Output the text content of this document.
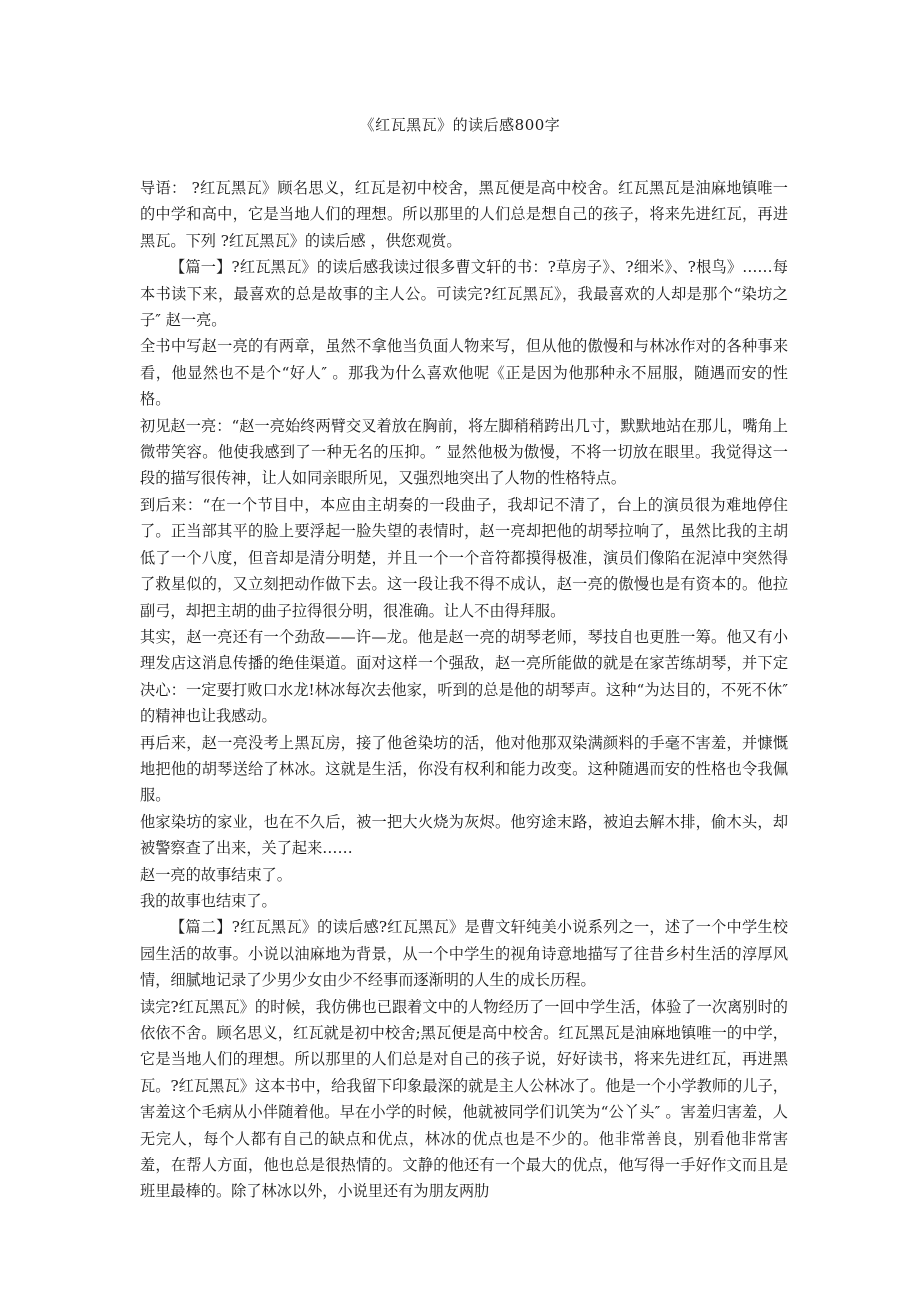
《红瓦黑瓦》的读后感800字

导语： ?红瓦黑瓦》顾名思义，红瓦是初中校舍，黑瓦便是高中校舍。红瓦黑瓦是油麻地镇唯一的中学和高中，它是当地人们的理想。所以那里的人们总是想自己的孩子，将来先进红瓦，再进黑瓦。下列 ?红瓦黑瓦》的读后感 ，供您观赏。

【篇一】?红瓦黑瓦》的读后感我读过很多曹文轩的书：?草房子》、?细米》、?根鸟》……每本书读下来，最喜欢的总是故事的主人公。可读完?红瓦黑瓦》，我最喜欢的人却是那个“染坊之子″ 赵一亮。

全书中写赵一亮的有两章，虽然不拿他当负面人物来写，但从他的傲慢和与林冰作对的各种事来看，他显然也不是个“好人″ 。那我为什么喜欢他呢《正是因为他那种永不屈服，随遇而安的性格。

初见赵一亮：“赵一亮始终两臂交叉着放在胸前，将左脚稍稍跨出几寸，默默地站在那儿，嘴角上微带笑容。他使我感到了一种无名的压抑。″ 显然他极为傲慢，不将一切放在眼里。我觉得这一段的描写很传神，让人如同亲眼所见，又强烈地突出了人物的性格特点。

到后来：“在一个节目中，本应由主胡奏的一段曲子，我却记不清了，台上的演员很为难地停住了。正当部其平的脸上要浮起一脸失望的表情时，赵一亮却把他的胡琴拉响了，虽然比我的主胡低了一个八度，但音却是清分明楚，并且一个一个音符都摸得极准，演员们像陷在泥淖中突然得了救星似的，又立刻把动作做下去。这一段让我不得不成认，赵一亮的傲慢也是有资本的。他拉副弓，却把主胡的曲子拉得很分明，很准确。让人不由得拜服。

其实，赵一亮还有一个劲敌——许—龙。他是赵一亮的胡琴老师，琴技自也更胜一筹。他又有小理发店这消息传播的绝佳渠道。面对这样一个强敌，赵一亮所能做的就是在家苦练胡琴，并下定决心：一定要打败口水龙!林冰每次去他家，听到的总是他的胡琴声。这种“为达目的，不死不休″ 的精神也让我感动。

再后来，赵一亮没考上黑瓦房，接了他爸染坊的活，他对他那双染满颜料的手毫不害羞，并慷慨地把他的胡琴送给了林冰。这就是生活，你没有权利和能力改变。这种随遇而安的性格也令我佩服。

他家染坊的家业，也在不久后，被一把大火烧为灰烬。他穷途末路，被迫去解木排，偷木头，却被警察查了出来，关了起来……

赵一亮的故事结束了。

我的故事也结束了。

【篇二】?红瓦黑瓦》的读后感?红瓦黑瓦》是曹文轩纯美小说系列之一，述了一个中学生校园生活的故事。小说以油麻地为背景，从一个中学生的视角诗意地描写了往昔乡村生活的淳厚风情，细腻地记录了少男少女由少不经事而逐渐明的人生的成长历程。

读完?红瓦黑瓦》的时候，我仿佛也已跟着文中的人物经历了一回中学生活，体验了一次离别时的依依不舍。顾名思义，红瓦就是初中校舍;黑瓦便是高中校舍。红瓦黑瓦是油麻地镇唯一的中学，它是当地人们的理想。所以那里的人们总是对自己的孩子说，好好读书，将来先进红瓦，再进黑瓦。?红瓦黑瓦》这本书中，给我留下印象最深的就是主人公林冰了。他是一个小学教师的儿子，害羞这个毛病从小伴随着他。早在小学的时候，他就被同学们讥笑为“公丫头″ 。害羞归害羞，人无完人，每个人都有自己的缺点和优点，林冰的优点也是不少的。他非常善良，别看他非常害羞，在帮人方面，他也总是很热情的。文静的他还有一个最大的优点，他写得一手好作文而且是班里最棒的。除了林冰以外，小说里还有为朋友两肋
